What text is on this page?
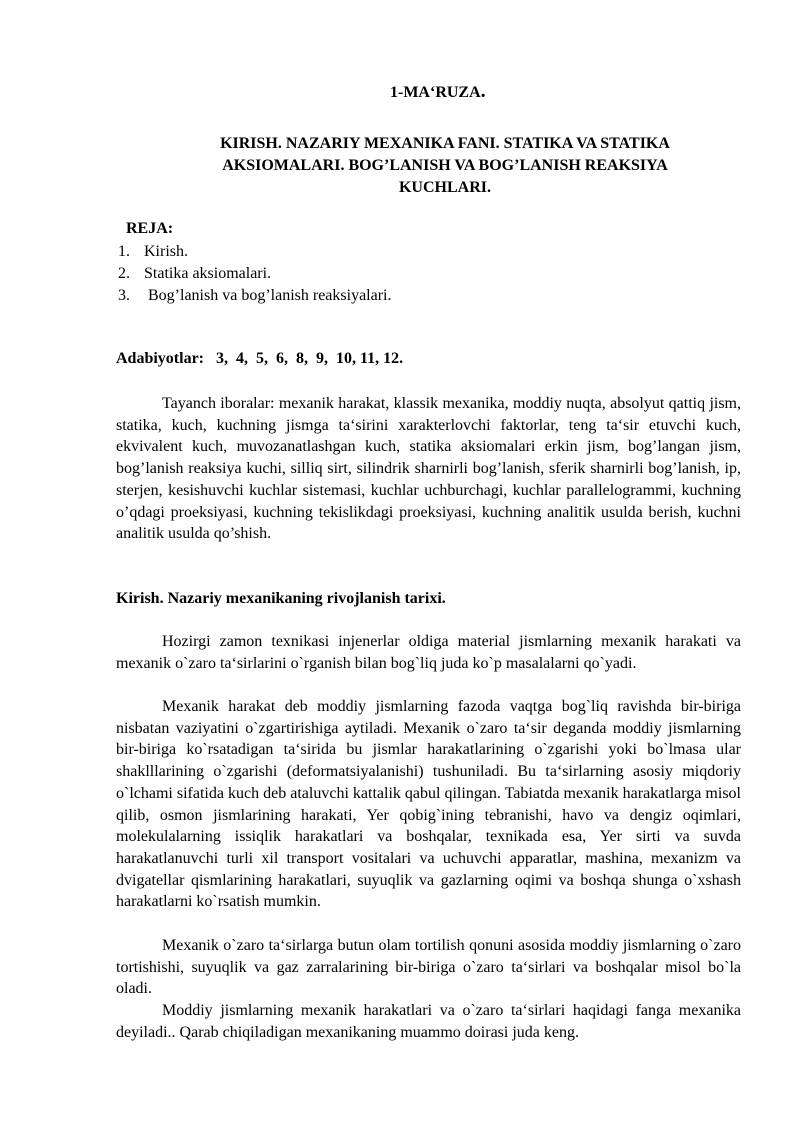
1-MA‘RUZA.
KIRISH. NAZARIY MEXANIKA FANI. STATIKA VA STATIKA
AKSIOMALARI. BOG’LANISH VA BOG’LANISH REAKSIYA
KUCHLARI.
REJA:
1. Kirish.
2. Statika aksiomalari.
3. Bog’lanish va bog’lanish reaksiyalari.
Adabiyotlar:   3,  4,  5,  6,  8,  9,  10, 11, 12.

Tayanch iboralar: mexanik harakat, klassik mexanika, moddiy nuqta, absolyut qattiq jism, statika, kuch, kuchning jismga ta‘sirini xarakterlovchi faktorlar, teng ta‘sir etuvchi kuch, ekvivalent kuch, muvozanatlashgan kuch, statika aksiomalari erkin jism, bog’langan jism, bog’lanish reaksiya kuchi, silliq sirt, silindrik sharnirli bog’lanish, sferik sharnirli bog’lanish, ip, sterjen, kesishuvchi kuchlar sistemasi, kuchlar uchburchagi, kuchlar parallelogrammi, kuchning o’qdagi proeksiyasi, kuchning tekislikdagi proeksiyasi, kuchning analitik usulda berish, kuchni analitik usulda qo’shish.

Kirish. Nazariy mexanikaning rivojlanish tarixi.

Hozirgi zamon texnikasi injenerlar oldiga material jismlarning mexanik harakati va mexanik o`zaro ta‘sirlarini o`rganish bilan bog`liq juda ko`p masalalarni qo`yadi.

Mexanik harakat deb moddiy jismlarning fazoda vaqtga bog`liq ravishda bir-biriga nisbatan vaziyatini o`zgartirishiga aytiladi. Mexanik o`zaro ta‘sir deganda moddiy jismlarning bir-biriga ko`rsatadigan ta‘sirida bu jismlar harakatlarining o`zgarishi yoki bo`lmasa ular shaklllarining o`zgarishi (deformatsiyalanishi) tushuniladi. Bu ta‘sirlarning asosiy miqdoriy o`lchami sifatida kuch deb ataluvchi kattalik qabul qilingan. Tabiatda mexanik harakatlarga misol qilib, osmon jismlarining harakati, Yer qobig`ining tebranishi, havo va dengiz oqimlari, molekulalarning issiqlik harakatlari va boshqalar, texnikada esa, Yer sirti va suvda harakatlanuvchi turli xil transport vositalari va uchuvchi apparatlar, mashina, mexanizm va dvigatellar qismlarining harakatlari, suyuqlik va gazlarning oqimi va boshqa shunga o`xshash harakatlarni ko`rsatish mumkin.

Mexanik o`zaro ta‘sirlarga butun olam tortilish qonuni asosida moddiy jismlarning o`zaro tortishishi, suyuqlik va gaz zarralarining bir-biriga o`zaro ta‘sirlari va boshqalar misol bo`la oladi.

Moddiy jismlarning mexanik harakatlari va o`zaro ta‘sirlari haqidagi fanga mexanika deyiladi.. Qarab chiqiladigan mexanikaning muammo doirasi juda keng.
